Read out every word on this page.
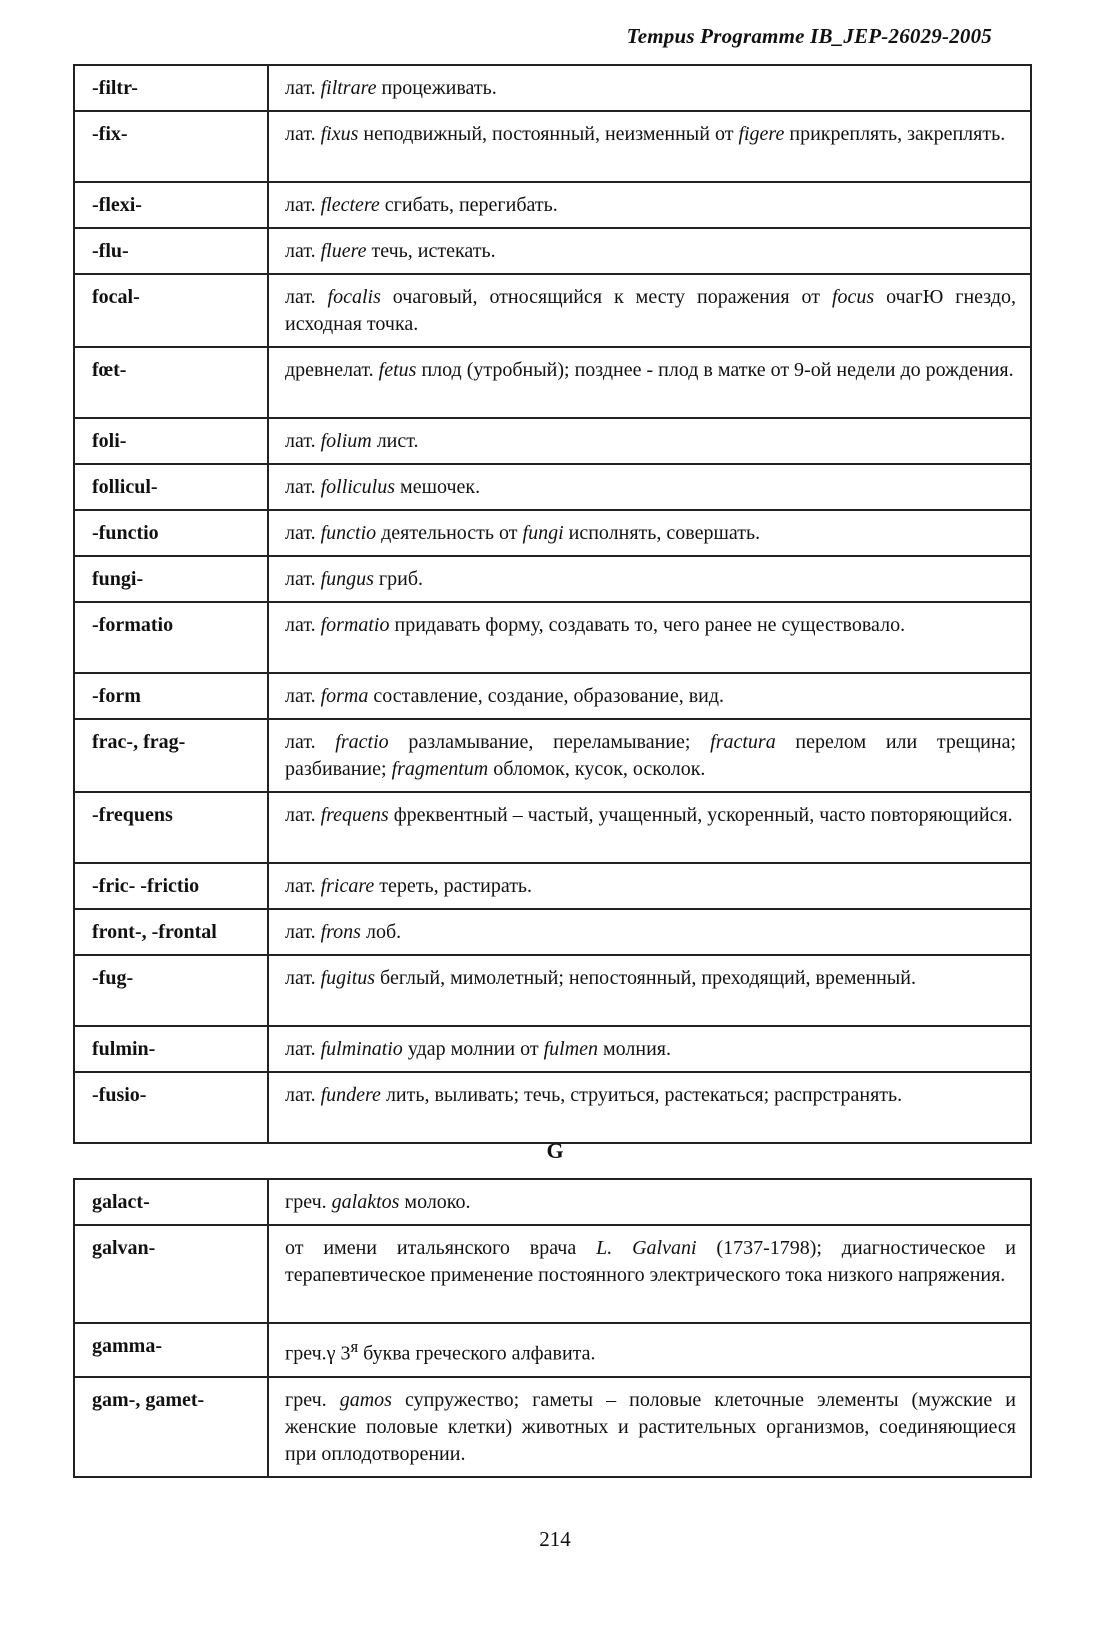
Tempus Programme IB_JEP-26029-2005
-filtr-	лат. filtrare процеживать.
-fix-	лат. fixus неподвижный, постоянный, неизменный от figere прикреплять, закреплять.
-flexi-	лат. flectere сгибать, перегибать.
-flu-	лат. fluere течь, истекать.
focal-	лат. focalis очаговый, относящийся к месту поражения от focus очагЮ гнездо, исходная точка.
fœt-	древнелат. fetus плод (утробный); позднее - плод в матке от 9-ой недели до рождения.
foli-	лат. folium лист.
follicul-	лат. folliculus мешочек.
-functio	лат. functio деятельность от fungi исполнять, совершать.
fungi-	лат. fungus гриб.
-formatio	лат. formatio придавать форму, создавать то, чего ранее не существовало.
-form	лат. forma составление, создание, образование, вид.
frac-, frag-	лат. fractio разламывание, переламывание; fractura перелом или трещина; разбивание; fragmentum обломок, кусок, осколок.
-frequens	лат. frequens фреквентный – частый, учащенный, ускоренный, часто повторяющийся.
-fric- -frictio	лат. fricare тереть, растирать.
front-, -frontal	лат. frons лоб.
-fug-	лат. fugitus беглый, мимолетный; непостоянный, преходящий, временный.
fulmin-	лат. fulminatio удар молнии от fulmen молния.
-fusio-	лат. fundere лить, выливать; течь, струиться, растекаться; распрстранять.
G
galact-	греч. galaktos молоко.
galvan-	от имени итальянского врача L. Galvani (1737-1798); диагностическое и терапевтическое применение постоянного электрического тока низкого напряжения.
gamma-	греч.γ $3^я$ буква греческого алфавита.
gam-, gamet-	греч. gamos супружество; гаметы – половые клеточные элементы (мужские и женские половые клетки) животных и растительных организмов, соединяющиеся при оплодотворении.
214
